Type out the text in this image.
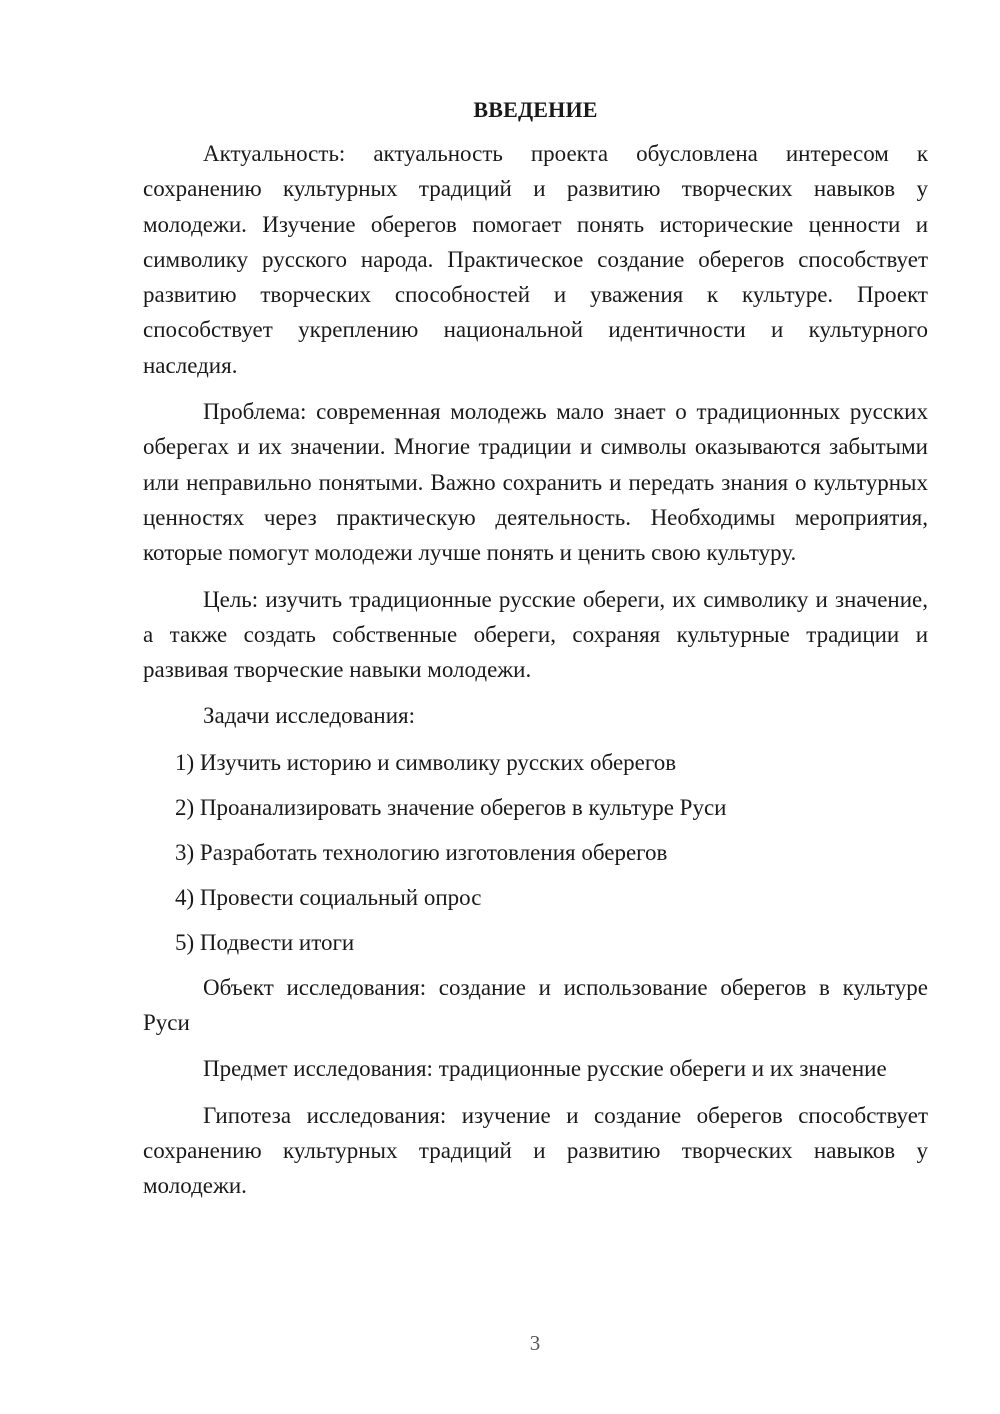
ВВЕДЕНИЕ

Актуальность: актуальность проекта обусловлена интересом к сохранению культурных традиций и развитию творческих навыков у молодежи. Изучение оберегов помогает понять исторические ценности и символику русского народа. Практическое создание оберегов способствует развитию творческих способностей и уважения к культуре. Проект способствует укреплению национальной идентичности и культурного наследия.

Проблема: современная молодежь мало знает о традиционных русских оберегах и их значении. Многие традиции и символы оказываются забытыми или неправильно понятыми. Важно сохранить и передать знания о культурных ценностях через практическую деятельность. Необходимы мероприятия, которые помогут молодежи лучше понять и ценить свою культуру.

Цель: изучить традиционные русские обереги, их символику и значение, а также создать собственные обереги, сохраняя культурные традиции и развивая творческие навыки молодежи.

Задачи исследования:

1) Изучить историю и символику русских оберегов
2) Проанализировать значение оберегов в культуре Руси
3) Разработать технологию изготовления оберегов
4) Провести социальный опрос
5) Подвести итоги

Объект исследования: создание и использование оберегов в культуре Руси

Предмет исследования: традиционные русские обереги и их значение

Гипотеза исследования: изучение и создание оберегов способствует сохранению культурных традиций и развитию творческих навыков у молодежи.

3
